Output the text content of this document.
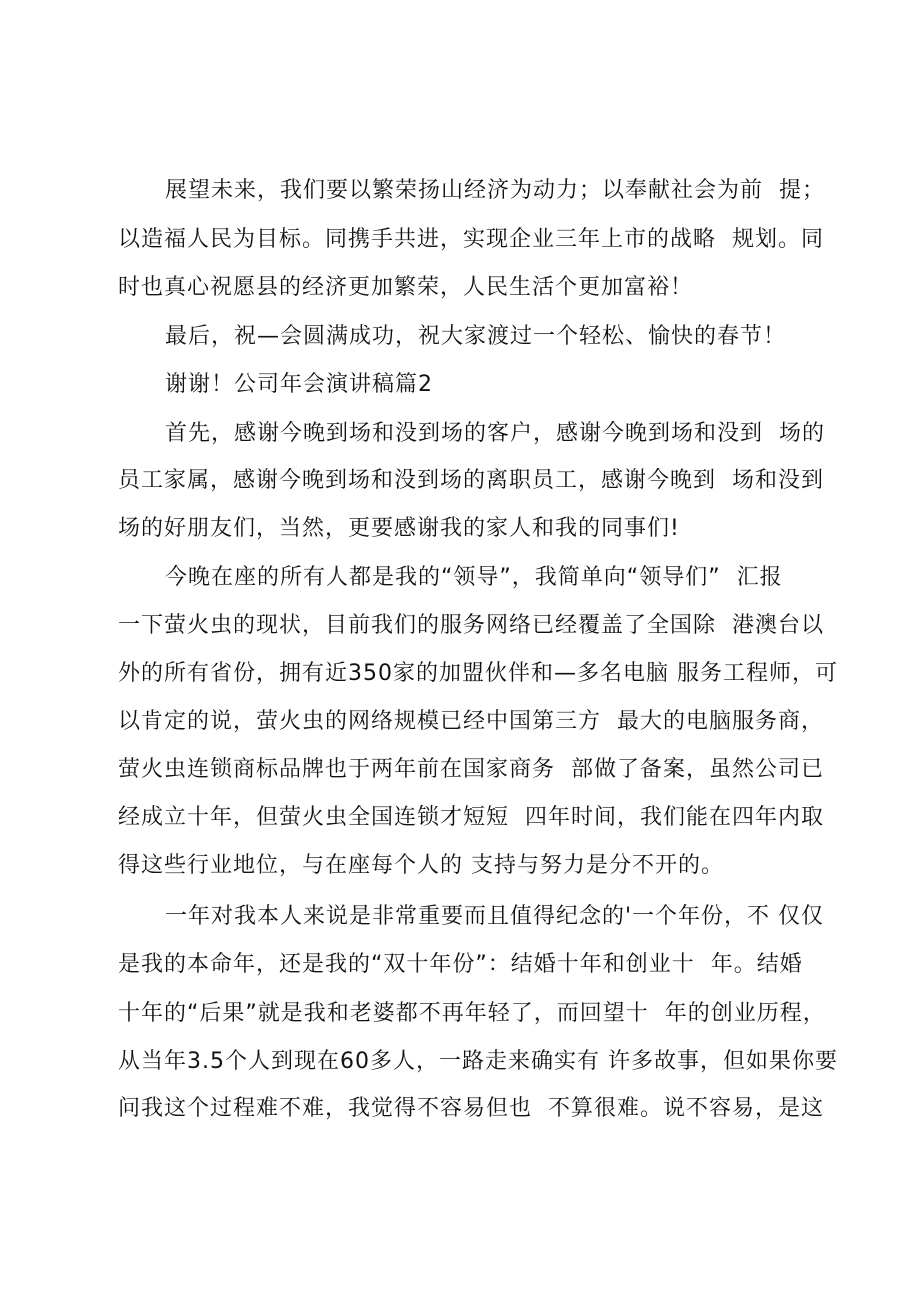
展望未来，我们要以繁荣扬山经济为动力；以奉献社会为前  提；
以造福人民为目标。同携手共进，实现企业三年上市的战略  规划。同
时也真心祝愿县的经济更加繁荣，人民生活个更加富裕！
最后，祝—会圆满成功，祝大家渡过一个轻松、愉快的春节！
谢谢！公司年会演讲稿篇2
首先，感谢今晚到场和没到场的客户，感谢今晚到场和没到  场的
员工家属，感谢今晚到场和没到场的离职员工，感谢今晚到  场和没到
场的好朋友们，当然，更要感谢我的家人和我的同事们!
今晚在座的所有人都是我的“领导”，我简单向“领导们”  汇报
一下萤火虫的现状，目前我们的服务网络已经覆盖了全国除  港澳台以
外的所有省份，拥有近350家的加盟伙伴和—多名电脑 服务工程师，可
以肯定的说，萤火虫的网络规模已经中国第三方  最大的电脑服务商，
萤火虫连锁商标品牌也于两年前在国家商务  部做了备案，虽然公司已
经成立十年，但萤火虫全国连锁才短短  四年时间，我们能在四年内取
得这些行业地位，与在座每个人的 支持与努力是分不开的。
一年对我本人来说是非常重要而且值得纪念的'一个年份，不 仅仅
是我的本命年，还是我的“双十年份”：结婚十年和创业十  年。结婚
十年的“后果”就是我和老婆都不再年轻了，而回望十  年的创业历程，
从当年3.5个人到现在60多人，一路走来确实有 许多故事，但如果你要
问我这个过程难不难，我觉得不容易但也  不算很难。说不容易，是这
